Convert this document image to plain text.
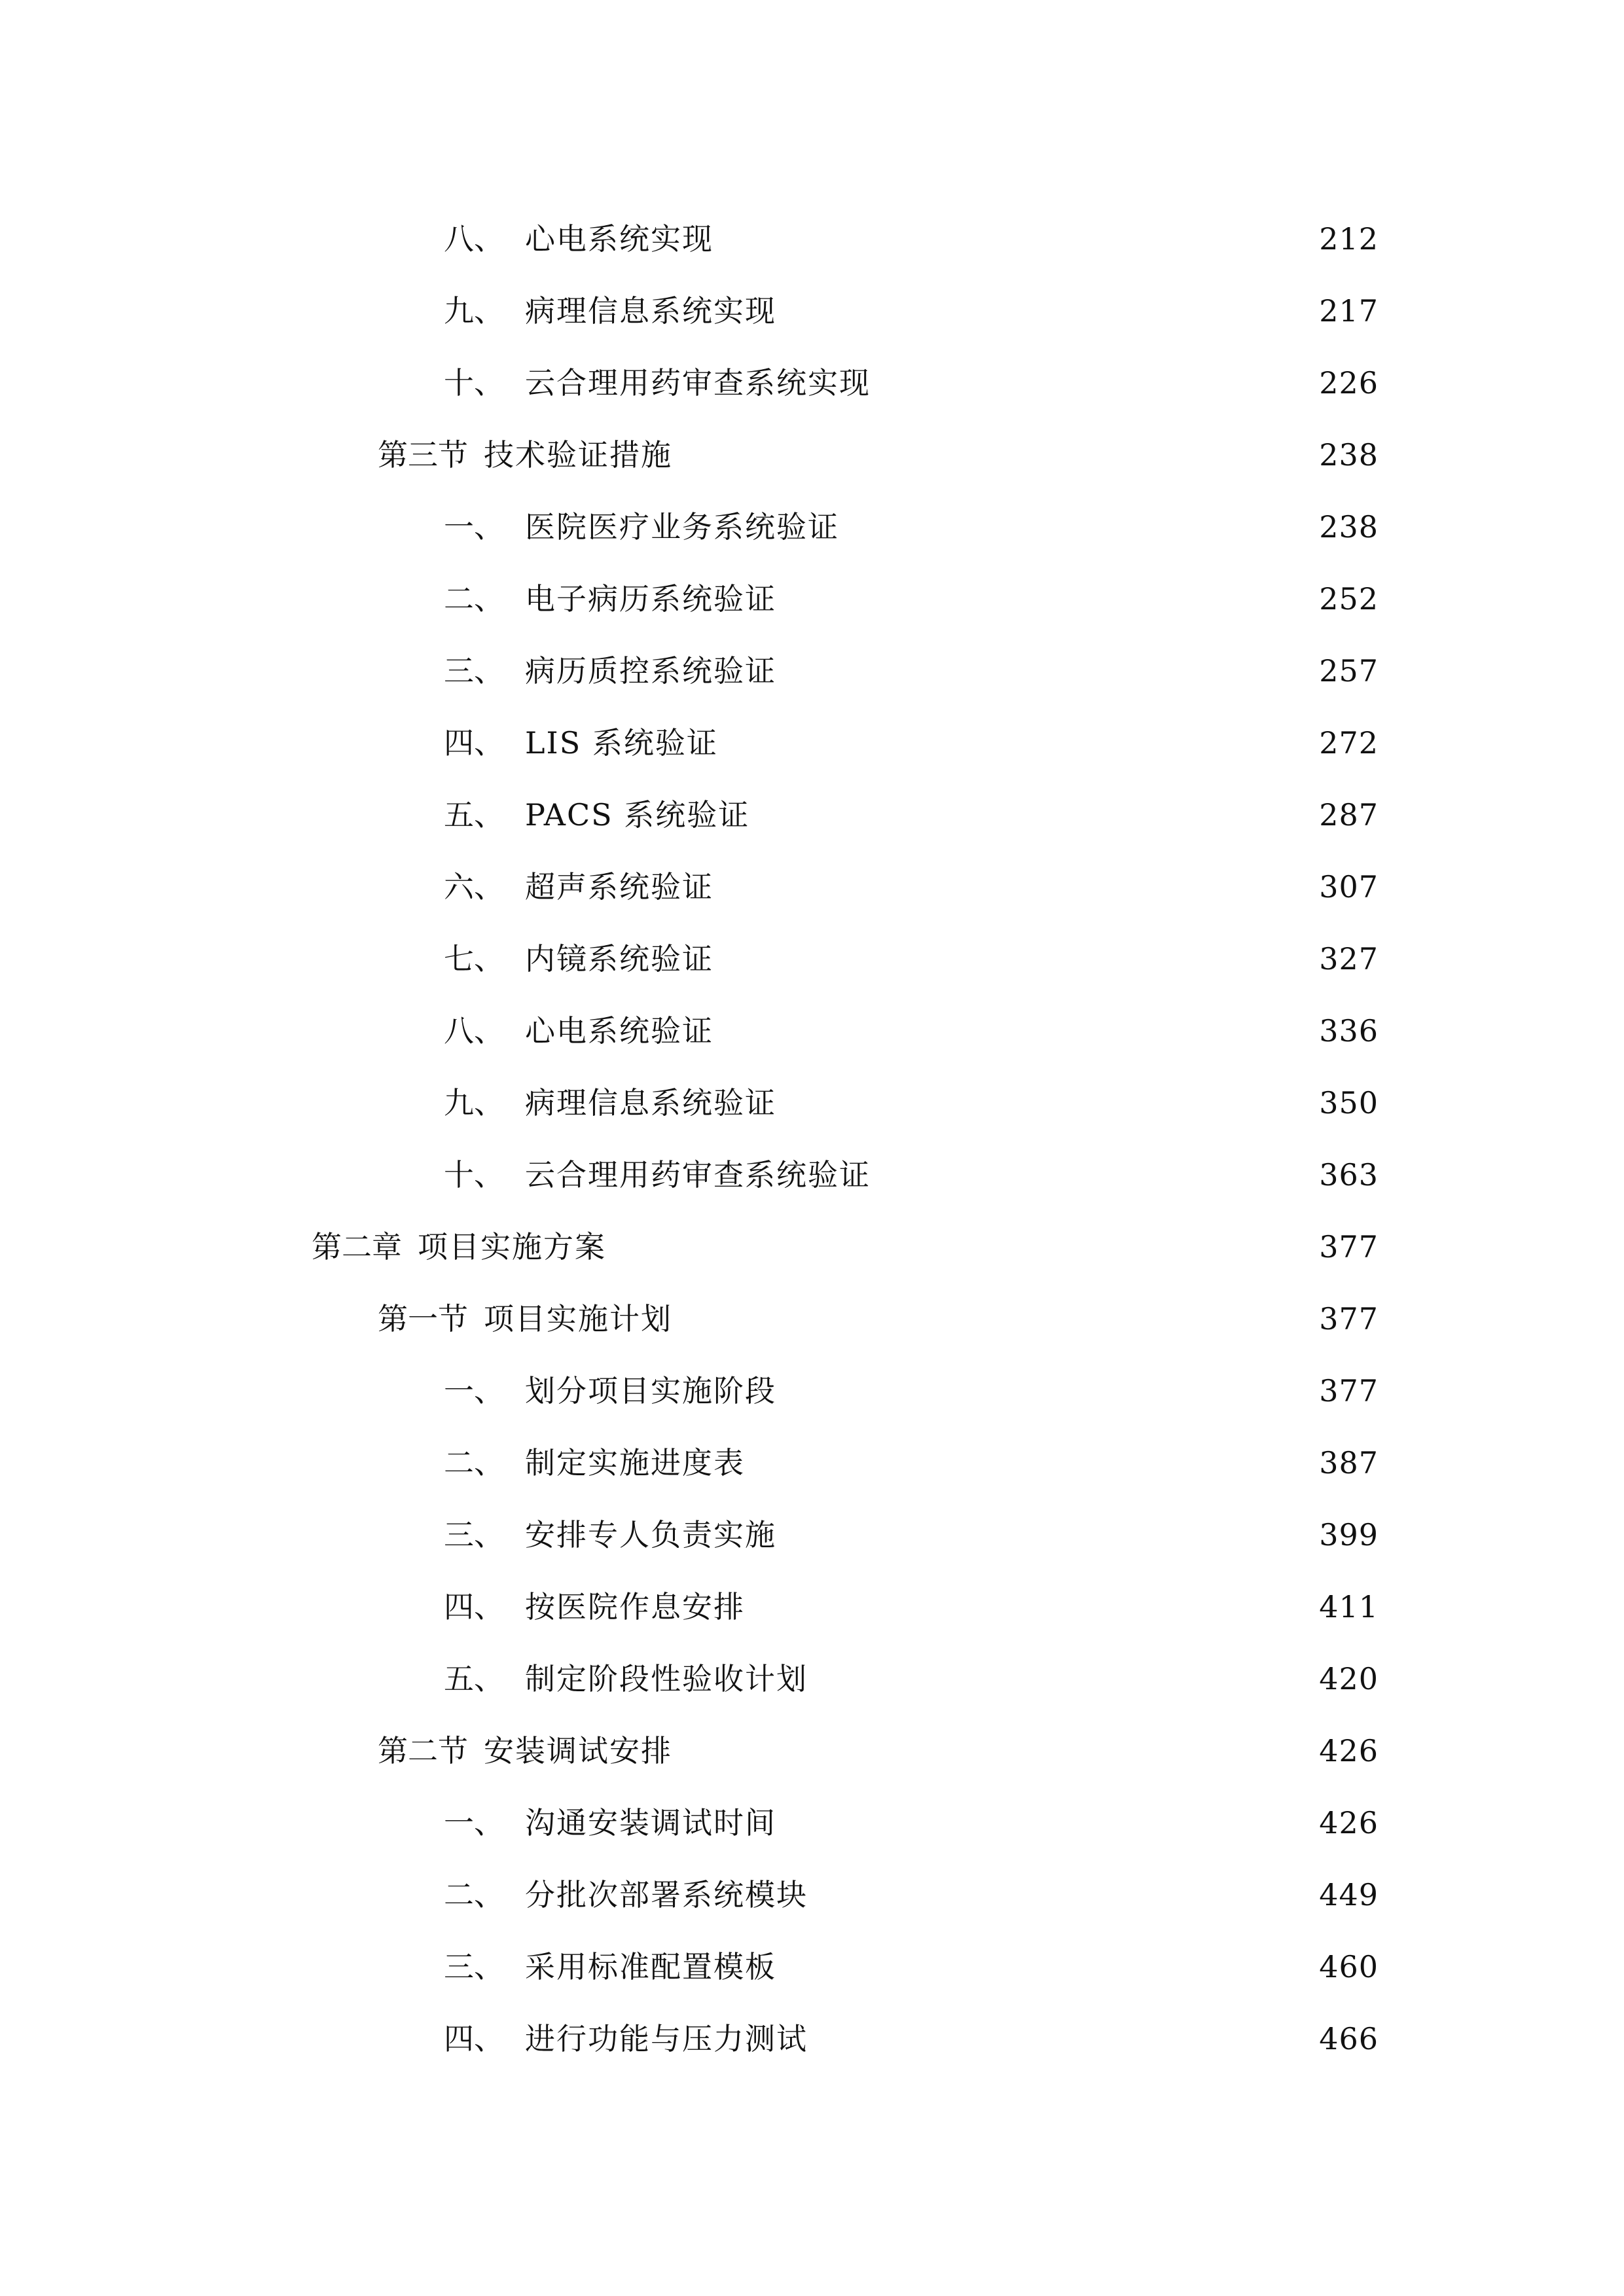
八、 心电系统实现	212
九、 病理信息系统实现	217
十、 云合理用药审查系统实现	226
第三节 技术验证措施	238
一、 医院医疗业务系统验证	238
二、 电子病历系统验证	252
三、 病历质控系统验证	257
四、 LIS 系统验证	272
五、 PACS 系统验证	287
六、 超声系统验证	307
七、 内镜系统验证	327
八、 心电系统验证	336
九、 病理信息系统验证	350
十、 云合理用药审查系统验证	363
第二章 项目实施方案	377
第一节 项目实施计划	377
一、 划分项目实施阶段	377
二、 制定实施进度表	387
三、 安排专人负责实施	399
四、 按医院作息安排	411
五、 制定阶段性验收计划	420
第二节 安装调试安排	426
一、 沟通安装调试时间	426
二、 分批次部署系统模块	449
三、 采用标准配置模板	460
四、 进行功能与压力测试	466
